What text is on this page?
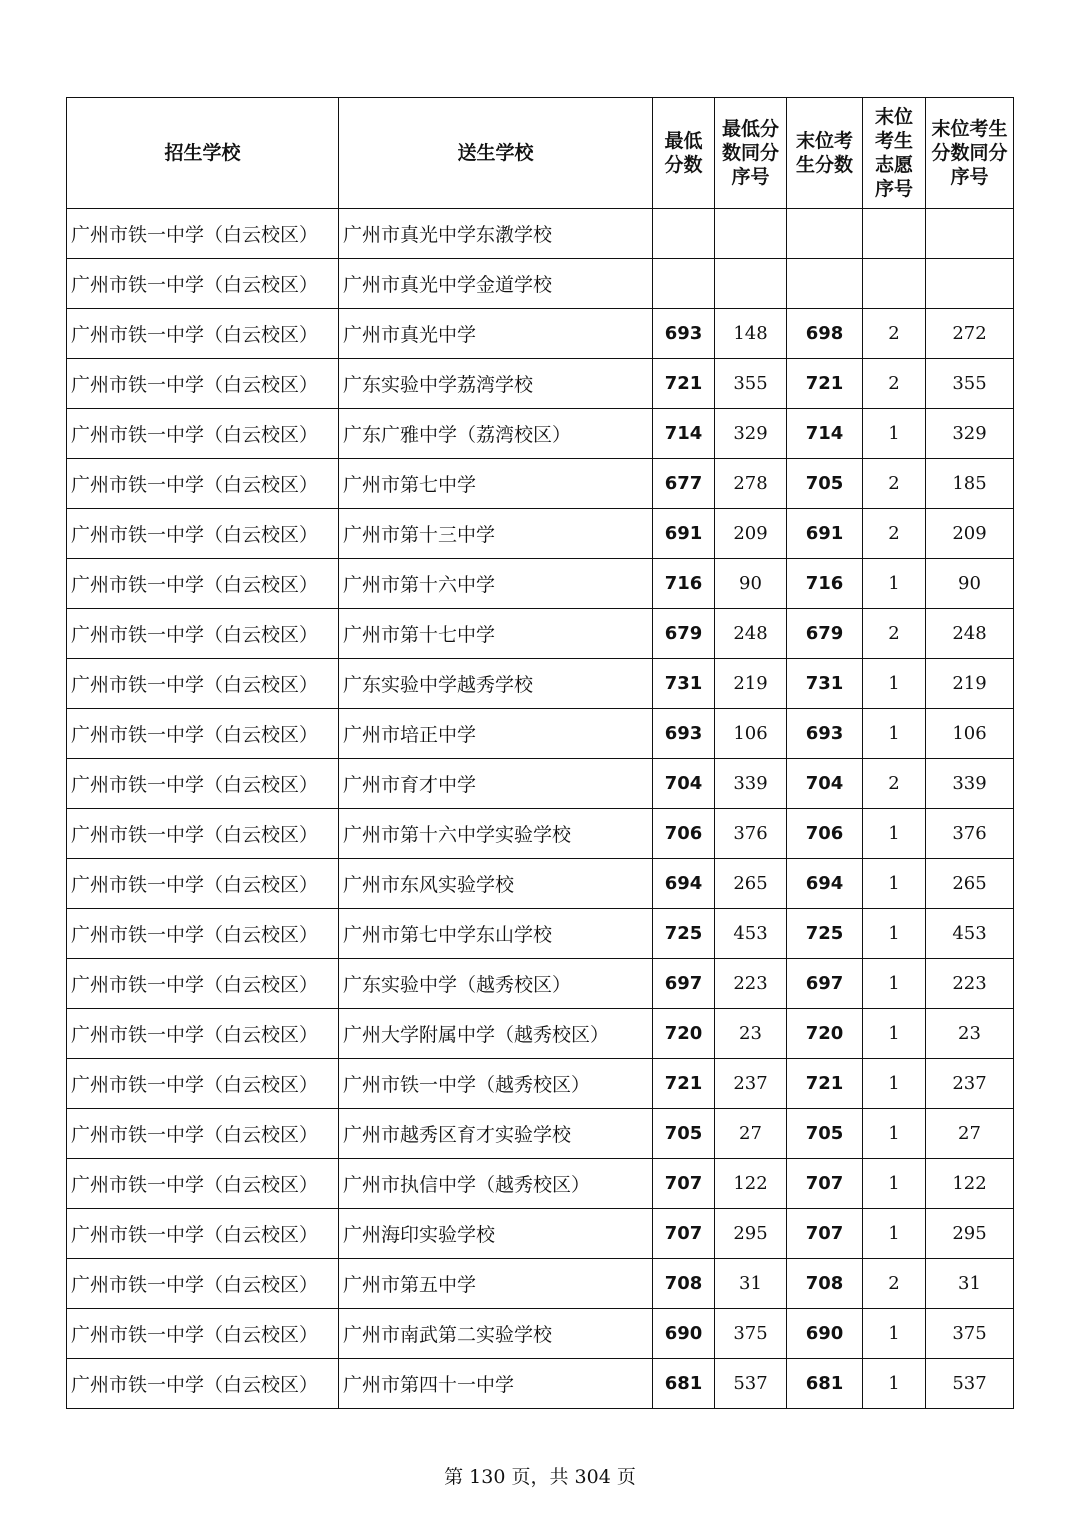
招生学校	送生学校	最低分数	最低分数同分序号	末位考生分数	末位考生志愿序号	末位考生分数同分序号
广州市铁一中学（白云校区）	广州市真光中学东漖学校					
广州市铁一中学（白云校区）	广州市真光中学金道学校					
广州市铁一中学（白云校区）	广州市真光中学	693	148	698	2	272
广州市铁一中学（白云校区）	广东实验中学荔湾学校	721	355	721	2	355
广州市铁一中学（白云校区）	广东广雅中学（荔湾校区）	714	329	714	1	329
广州市铁一中学（白云校区）	广州市第七中学	677	278	705	2	185
广州市铁一中学（白云校区）	广州市第十三中学	691	209	691	2	209
广州市铁一中学（白云校区）	广州市第十六中学	716	90	716	1	90
广州市铁一中学（白云校区）	广州市第十七中学	679	248	679	2	248
广州市铁一中学（白云校区）	广东实验中学越秀学校	731	219	731	1	219
广州市铁一中学（白云校区）	广州市培正中学	693	106	693	1	106
广州市铁一中学（白云校区）	广州市育才中学	704	339	704	2	339
广州市铁一中学（白云校区）	广州市第十六中学实验学校	706	376	706	1	376
广州市铁一中学（白云校区）	广州市东风实验学校	694	265	694	1	265
广州市铁一中学（白云校区）	广州市第七中学东山学校	725	453	725	1	453
广州市铁一中学（白云校区）	广东实验中学（越秀校区）	697	223	697	1	223
广州市铁一中学（白云校区）	广州大学附属中学（越秀校区）	720	23	720	1	23
广州市铁一中学（白云校区）	广州市铁一中学（越秀校区）	721	237	721	1	237
广州市铁一中学（白云校区）	广州市越秀区育才实验学校	705	27	705	1	27
广州市铁一中学（白云校区）	广州市执信中学（越秀校区）	707	122	707	1	122
广州市铁一中学（白云校区）	广州海印实验学校	707	295	707	1	295
广州市铁一中学（白云校区）	广州市第五中学	708	31	708	2	31
广州市铁一中学（白云校区）	广州市南武第二实验学校	690	375	690	1	375
广州市铁一中学（白云校区）	广州市第四十一中学	681	537	681	1	537
第 130 页，共 304 页
